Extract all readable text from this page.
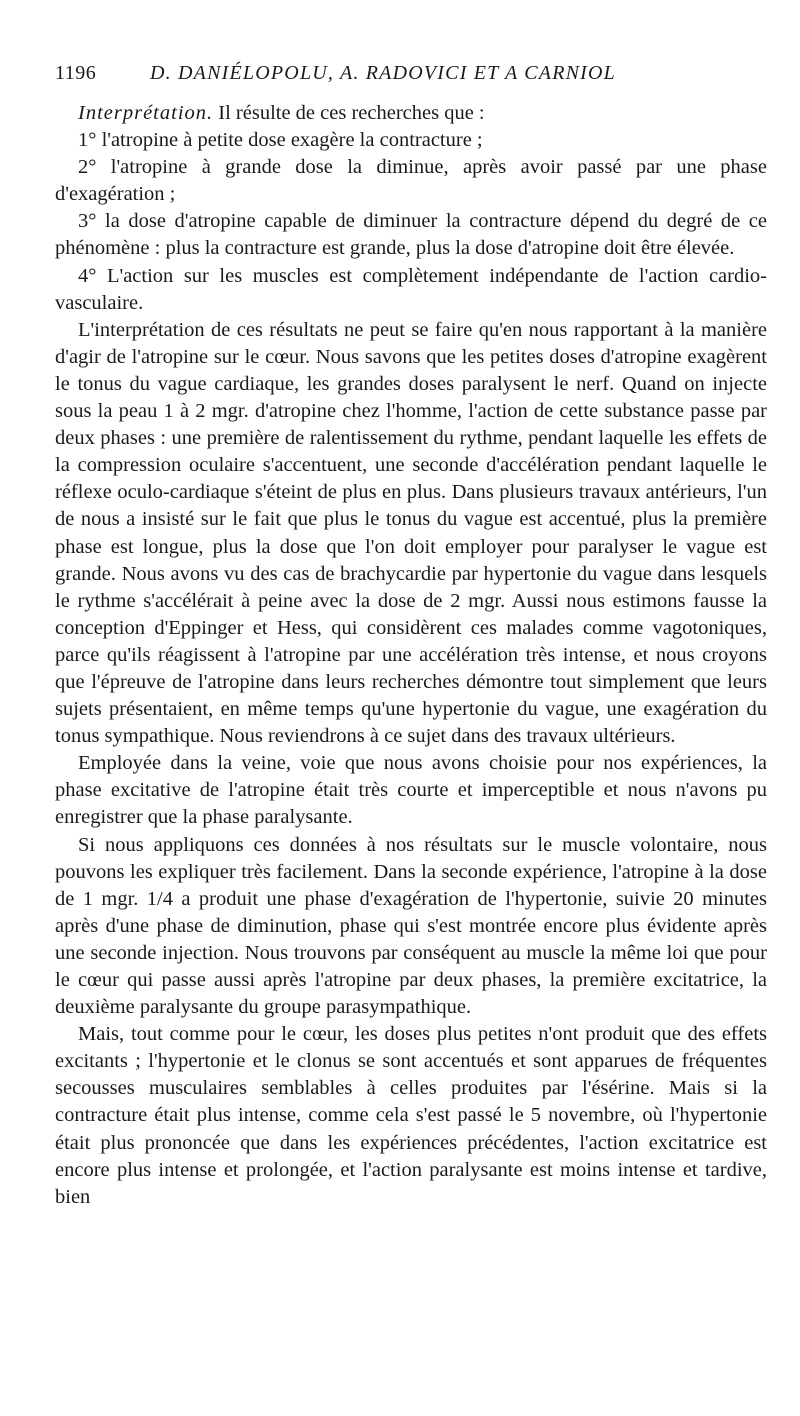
1196	D. DANIÉLOPOLU, A. RADOVICI ET A CARNIOL

Interprétation. Il résulte de ces recherches que :

1° l'atropine à petite dose exagère la contracture ;

2° l'atropine à grande dose la diminue, après avoir passé par une phase d'exagération ;

3° la dose d'atropine capable de diminuer la contracture dépend du degré de ce phénomène : plus la contracture est grande, plus la dose d'atropine doit être élevée.

4° L'action sur les muscles est complètement indépendante de l'action cardio-vasculaire.

L'interprétation de ces résultats ne peut se faire qu'en nous rapportant à la manière d'agir de l'atropine sur le cœur. Nous savons que les petites doses d'atropine exagèrent le tonus du vague cardiaque, les grandes doses paralysent le nerf. Quand on injecte sous la peau 1 à 2 mgr. d'atropine chez l'homme, l'action de cette substance passe par deux phases : une première de ralentissement du rythme, pendant laquelle les effets de la compression oculaire s'accentuent, une seconde d'accélération pendant laquelle le réflexe oculo-cardiaque s'éteint de plus en plus. Dans plusieurs travaux antérieurs, l'un de nous a insisté sur le fait que plus le tonus du vague est accentué, plus la première phase est longue, plus la dose que l'on doit employer pour paralyser le vague est grande. Nous avons vu des cas de brachycardie par hypertonie du vague dans lesquels le rythme s'accélérait à peine avec la dose de 2 mgr. Aussi nous estimons fausse la conception d'Eppinger et Hess, qui considèrent ces malades comme vagotoniques, parce qu'ils réagissent à l'atropine par une accélération très intense, et nous croyons que l'épreuve de l'atropine dans leurs recherches démontre tout simplement que leurs sujets présentaient, en même temps qu'une hypertonie du vague, une exagération du tonus sympathique. Nous reviendrons à ce sujet dans des travaux ultérieurs.

Employée dans la veine, voie que nous avons choisie pour nos expériences, la phase excitative de l'atropine était très courte et imperceptible et nous n'avons pu enregistrer que la phase paralysante.

Si nous appliquons ces données à nos résultats sur le muscle volontaire, nous pouvons les expliquer très facilement. Dans la seconde expérience, l'atropine à la dose de 1 mgr. 1/4 a produit une phase d'exagération de l'hypertonie, suivie 20 minutes après d'une phase de diminution, phase qui s'est montrée encore plus évidente après une seconde injection. Nous trouvons par conséquent au muscle la même loi que pour le cœur qui passe aussi après l'atropine par deux phases, la première excitatrice, la deuxième paralysante du groupe parasympathique.

Mais, tout comme pour le cœur, les doses plus petites n'ont produit que des effets excitants ; l'hypertonie et le clonus se sont accentués et sont apparues de fréquentes secousses musculaires semblables à celles produites par l'ésérine. Mais si la contracture était plus intense, comme cela s'est passé le 5 novembre, où l'hypertonie était plus prononcée que dans les expériences précédentes, l'action excitatrice est encore plus intense et prolongée, et l'action paralysante est moins intense et tardive, bien
